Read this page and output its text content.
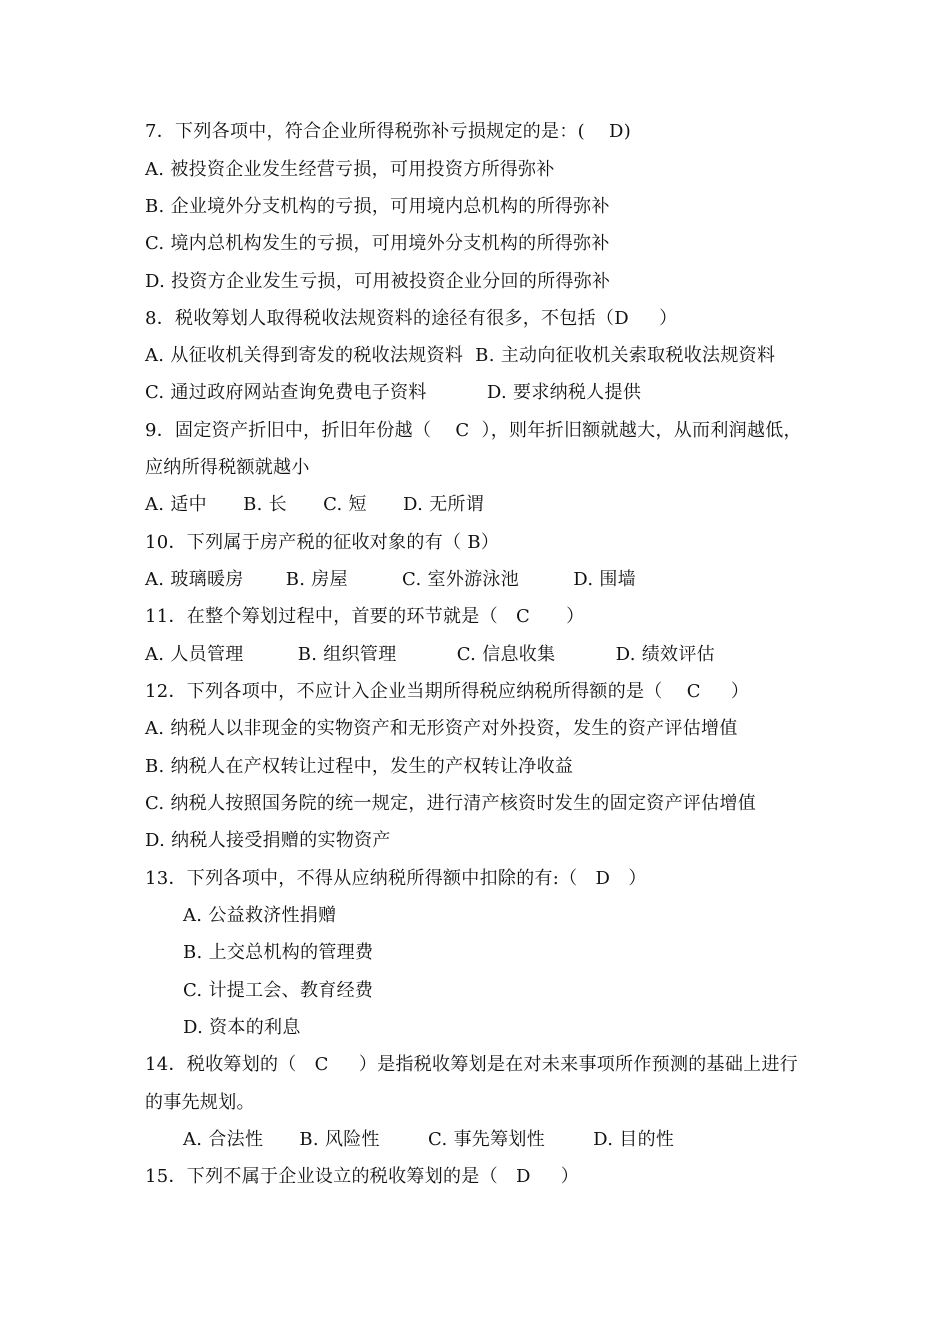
7．下列各项中，符合企业所得税弥补亏损规定的是：(    D)
A. 被投资企业发生经营亏损，可用投资方所得弥补
B. 企业境外分支机构的亏损，可用境内总机构的所得弥补
C. 境内总机构发生的亏损，可用境外分支机构的所得弥补
D. 投资方企业发生亏损，可用被投资企业分回的所得弥补
8．税收筹划人取得税收法规资料的途径有很多，不包括（D     ）
A. 从征收机关得到寄发的税收法规资料  B. 主动向征收机关索取税收法规资料
C. 通过政府网站查询免费电子资料          D. 要求纳税人提供
9．固定资产折旧中，折旧年份越（    C  ），则年折旧额就越大，从而利润越低，
应纳所得税额就越小
A. 适中      B. 长      C. 短      D. 无所谓
10．下列属于房产税的征收对象的有（ B）
A. 玻璃暖房       B. 房屋         C. 室外游泳池         D. 围墙
11．在整个筹划过程中，首要的环节就是（   C      ）
A. 人员管理         B. 组织管理          C. 信息收集          D. 绩效评估
12．下列各项中，不应计入企业当期所得税应纳税所得额的是（    C     ）
A. 纳税人以非现金的实物资产和无形资产对外投资，发生的资产评估增值
B. 纳税人在产权转让过程中，发生的产权转让净收益
C. 纳税人按照国务院的统一规定，进行清产核资时发生的固定资产评估增值
D. 纳税人接受捐赠的实物资产
13．下列各项中，不得从应纳税所得额中扣除的有:（   D   ）
A. 公益救济性捐赠
B. 上交总机构的管理费
C. 计提工会、教育经费
D. 资本的利息
14．税收筹划的（   C     ）是指税收筹划是在对未来事项所作预测的基础上进行
的事先规划。
A. 合法性      B. 风险性        C. 事先筹划性        D. 目的性
15．下列不属于企业设立的税收筹划的是（   D     ）
